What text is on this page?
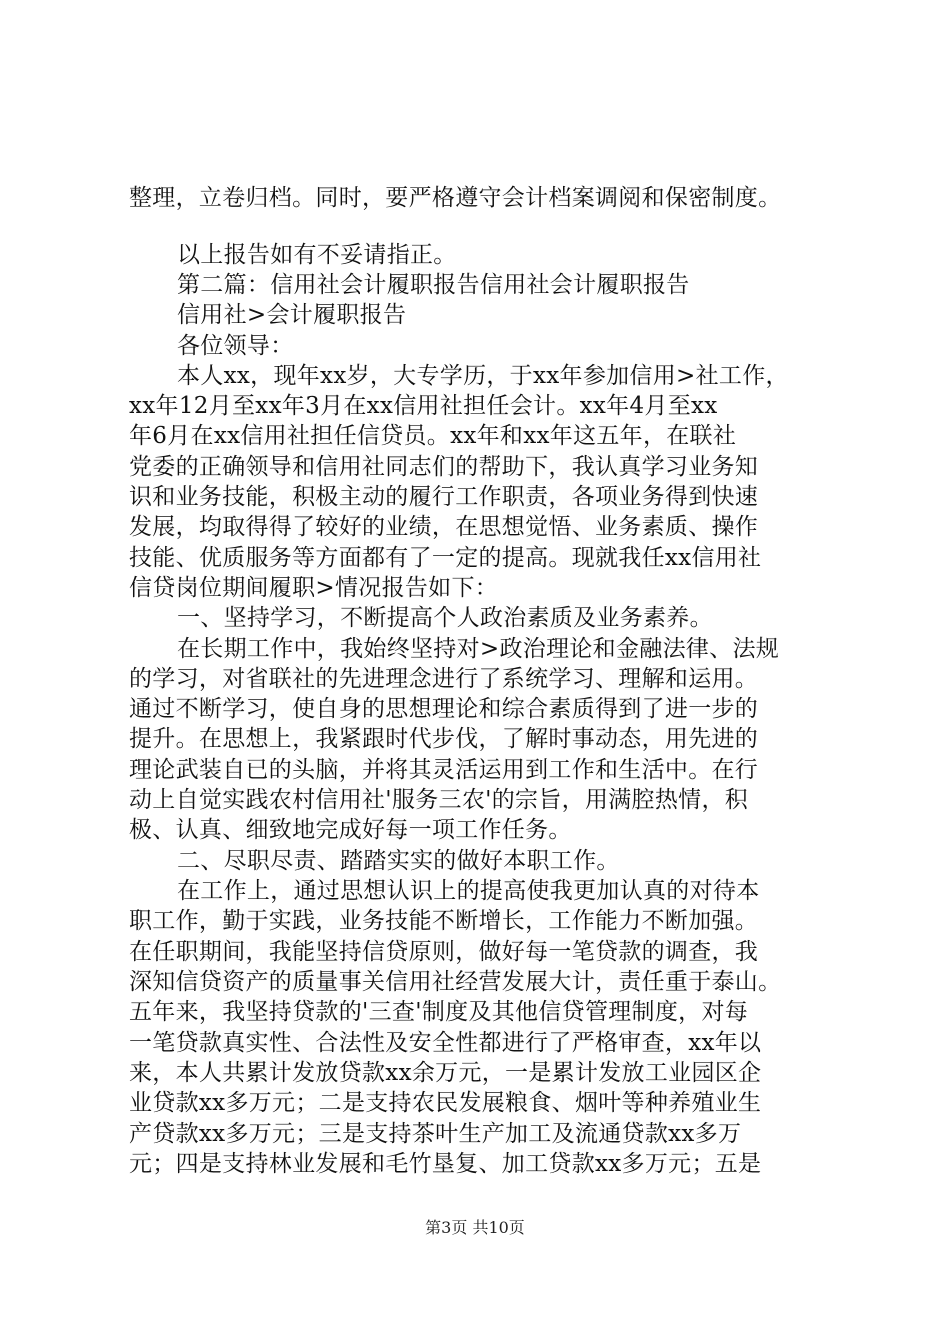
整理，立卷归档。同时，要严格遵守会计档案调阅和保密制度。
以上报告如有不妥请指正。
第二篇：信用社会计履职报告信用社会计履职报告
信用社>会计履职报告
各位领导：
本人xx，现年xx岁，大专学历，于xx年参加信用>社工作，
xx年12月至xx年3月在xx信用社担任会计。xx年4月至xx
年6月在xx信用社担任信贷员。xx年和xx年这五年，在联社
党委的正确领导和信用社同志们的帮助下，我认真学习业务知
识和业务技能，积极主动的履行工作职责，各项业务得到快速
发展，均取得得了较好的业绩，在思想觉悟、业务素质、操作
技能、优质服务等方面都有了一定的提高。现就我任xx信用社
信贷岗位期间履职>情况报告如下：
一、坚持学习，不断提高个人政治素质及业务素养。
在长期工作中，我始终坚持对>政治理论和金融法律、法规
的学习，对省联社的先进理念进行了系统学习、理解和运用。
通过不断学习，使自身的思想理论和综合素质得到了进一步的
提升。在思想上，我紧跟时代步伐，了解时事动态，用先进的
理论武装自已的头脑，并将其灵活运用到工作和生活中。在行
动上自觉实践农村信用社'服务三农'的宗旨，用满腔热情，积
极、认真、细致地完成好每一项工作任务。
二、尽职尽责、踏踏实实的做好本职工作。
在工作上，通过思想认识上的提高使我更加认真的对待本
职工作，勤于实践，业务技能不断增长，工作能力不断加强。
在任职期间，我能坚持信贷原则，做好每一笔贷款的调查，我
深知信贷资产的质量事关信用社经营发展大计，责任重于泰山。
五年来，我坚持贷款的'三查'制度及其他信贷管理制度，对每
一笔贷款真实性、合法性及安全性都进行了严格审查，xx年以
来，本人共累计发放贷款xx余万元，一是累计发放工业园区企
业贷款xx多万元；二是支持农民发展粮食、烟叶等种养殖业生
产贷款xx多万元；三是支持茶叶生产加工及流通贷款xx多万
元；四是支持林业发展和毛竹垦复、加工贷款xx多万元；五是
第3页 共10页
